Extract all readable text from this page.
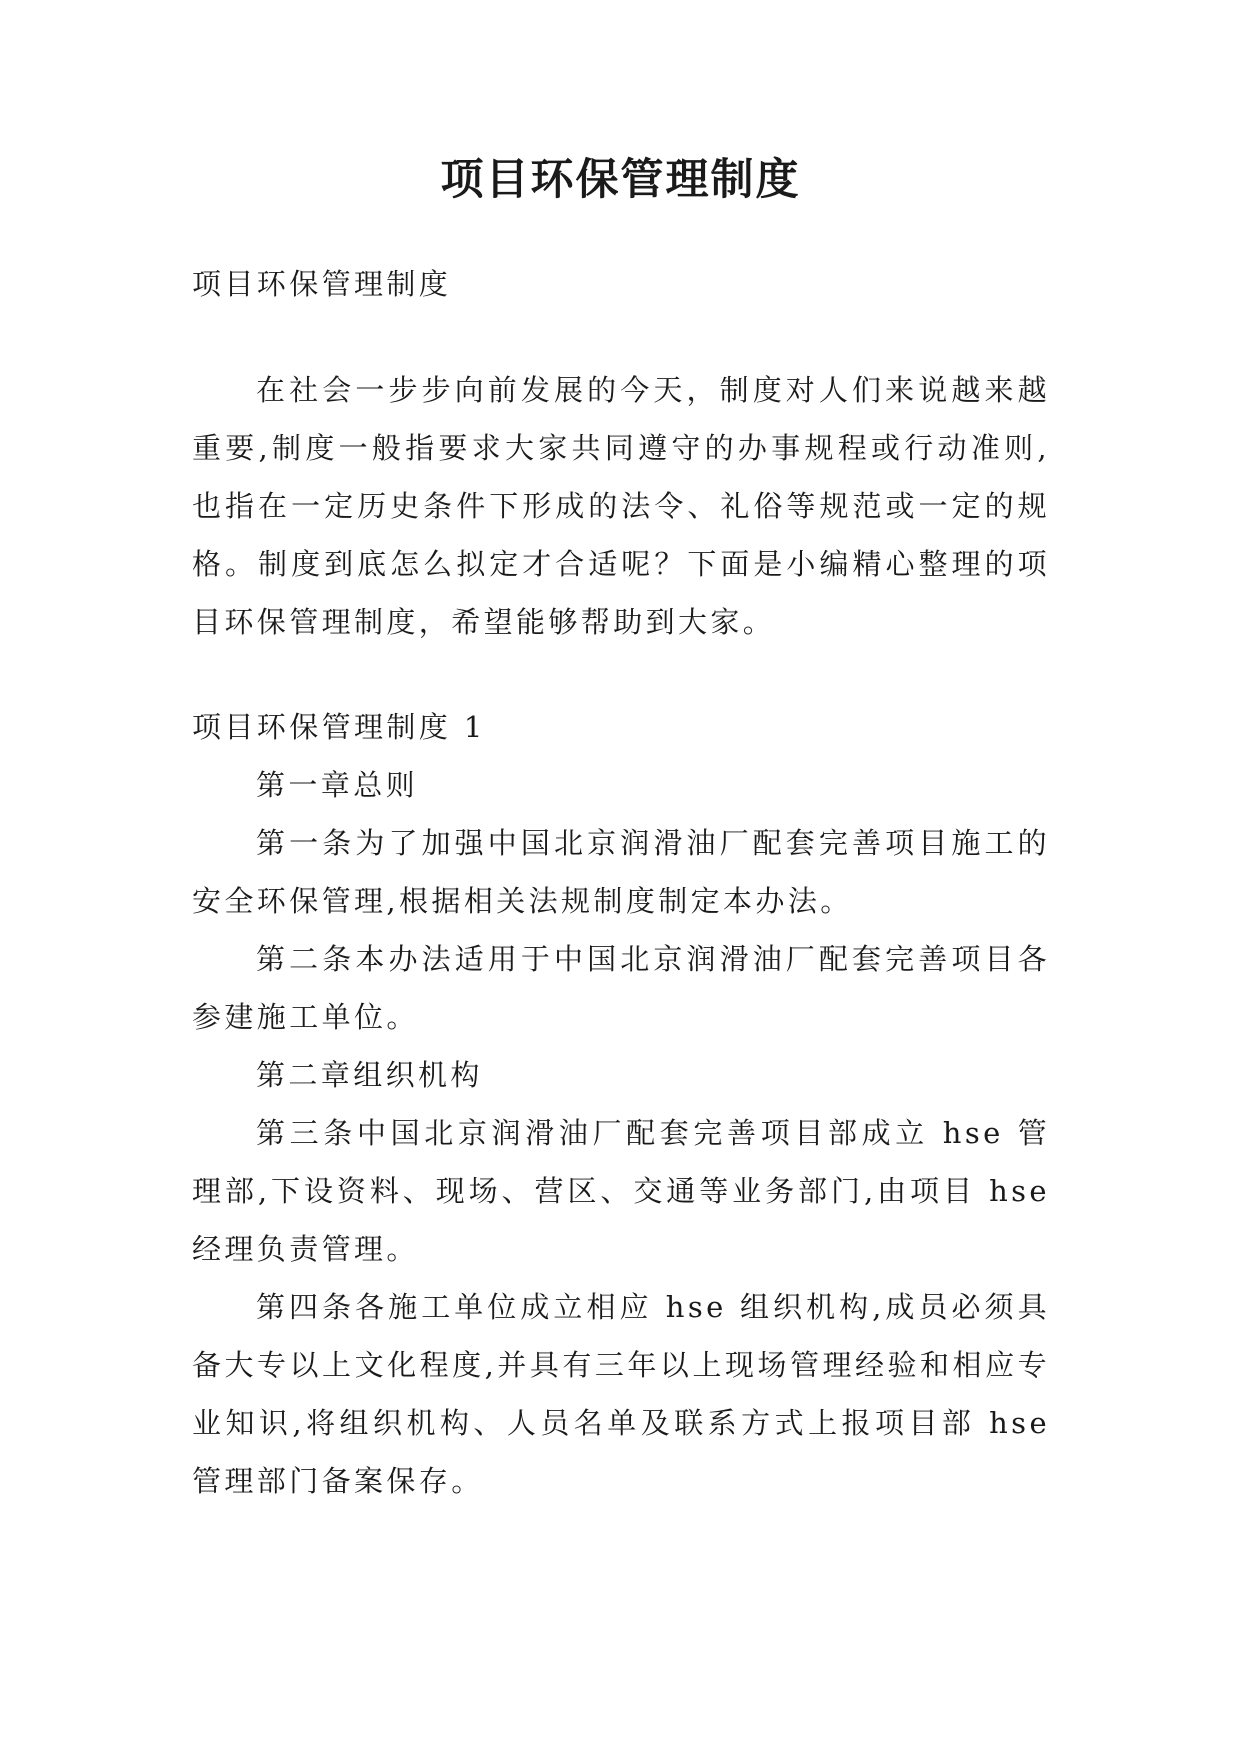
项目环保管理制度

项目环保管理制度

在社会一步步向前发展的今天，制度对人们来说越来越重要,制度一般指要求大家共同遵守的办事规程或行动准则,也指在一定历史条件下形成的法令、礼俗等规范或一定的规格。制度到底怎么拟定才合适呢？下面是小编精心整理的项目环保管理制度，希望能够帮助到大家。

项目环保管理制度 1

第一章总则

第一条为了加强中国北京润滑油厂配套完善项目施工的安全环保管理,根据相关法规制度制定本办法。

第二条本办法适用于中国北京润滑油厂配套完善项目各参建施工单位。

第二章组织机构

第三条中国北京润滑油厂配套完善项目部成立 hse 管理部,下设资料、现场、营区、交通等业务部门,由项目 hse 经理负责管理。

第四条各施工单位成立相应 hse 组织机构,成员必须具备大专以上文化程度,并具有三年以上现场管理经验和相应专业知识,将组织机构、人员名单及联系方式上报项目部 hse 管理部门备案保存。
